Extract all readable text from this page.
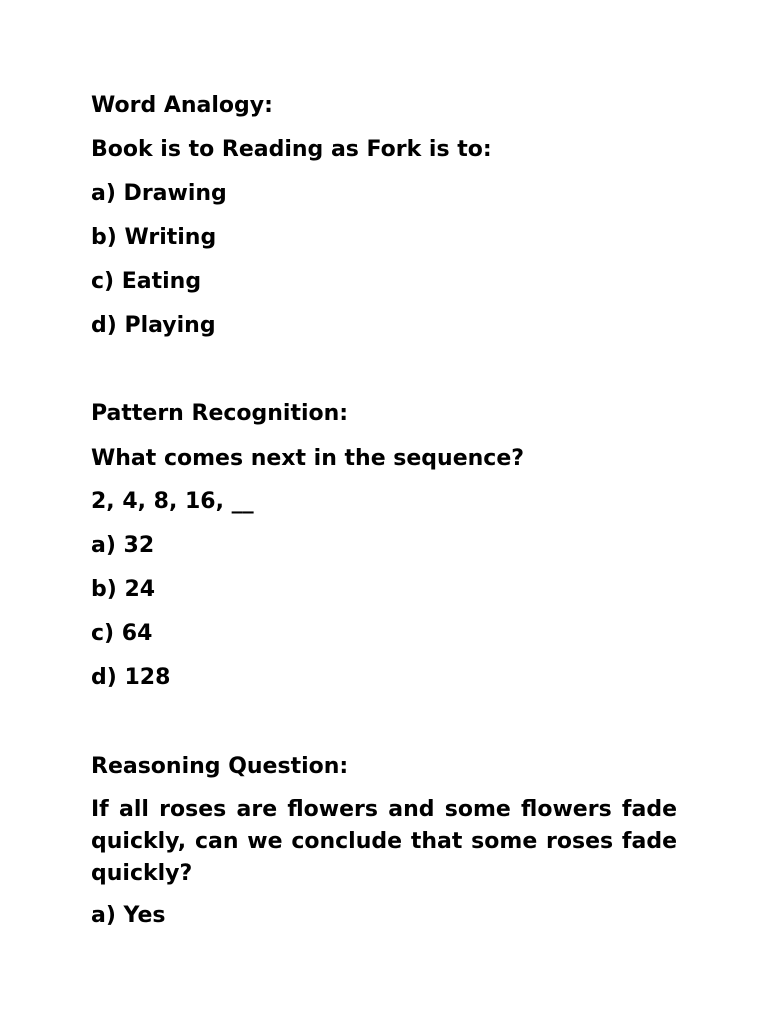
Word Analogy:
Book is to Reading as Fork is to:
a) Drawing
b) Writing
c) Eating
d) Playing
Pattern Recognition:
What comes next in the sequence?
2, 4, 8, 16, __
a) 32
b) 24
c) 64
d) 128
Reasoning Question:
If all roses are flowers and some flowers fade quickly, can we conclude that some roses fade quickly?
a) Yes
